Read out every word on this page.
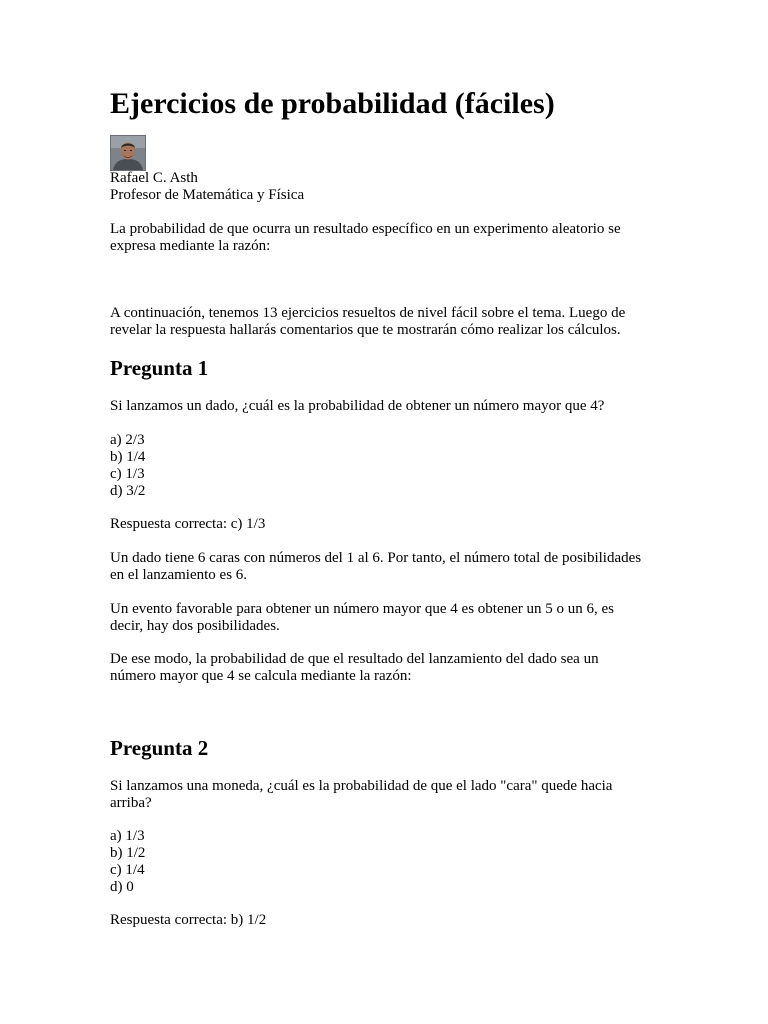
Ejercicios de probabilidad (fáciles)

Rafael C. Asth
Profesor de Matemática y Física

La probabilidad de que ocurra un resultado específico en un experimento aleatorio se
expresa mediante la razón:

A continuación, tenemos 13 ejercicios resueltos de nivel fácil sobre el tema. Luego de
revelar la respuesta hallarás comentarios que te mostrarán cómo realizar los cálculos.

Pregunta 1

Si lanzamos un dado, ¿cuál es la probabilidad de obtener un número mayor que 4?

a) 2/3
b) 1/4
c) 1/3
d) 3/2

Respuesta correcta: c) 1/3

Un dado tiene 6 caras con números del 1 al 6. Por tanto, el número total de posibilidades
en el lanzamiento es 6.

Un evento favorable para obtener un número mayor que 4 es obtener un 5 o un 6, es
decir, hay dos posibilidades.

De ese modo, la probabilidad de que el resultado del lanzamiento del dado sea un
número mayor que 4 se calcula mediante la razón:

Pregunta 2

Si lanzamos una moneda, ¿cuál es la probabilidad de que el lado "cara" quede hacia
arriba?

a) 1/3
b) 1/2
c) 1/4
d) 0

Respuesta correcta: b) 1/2
